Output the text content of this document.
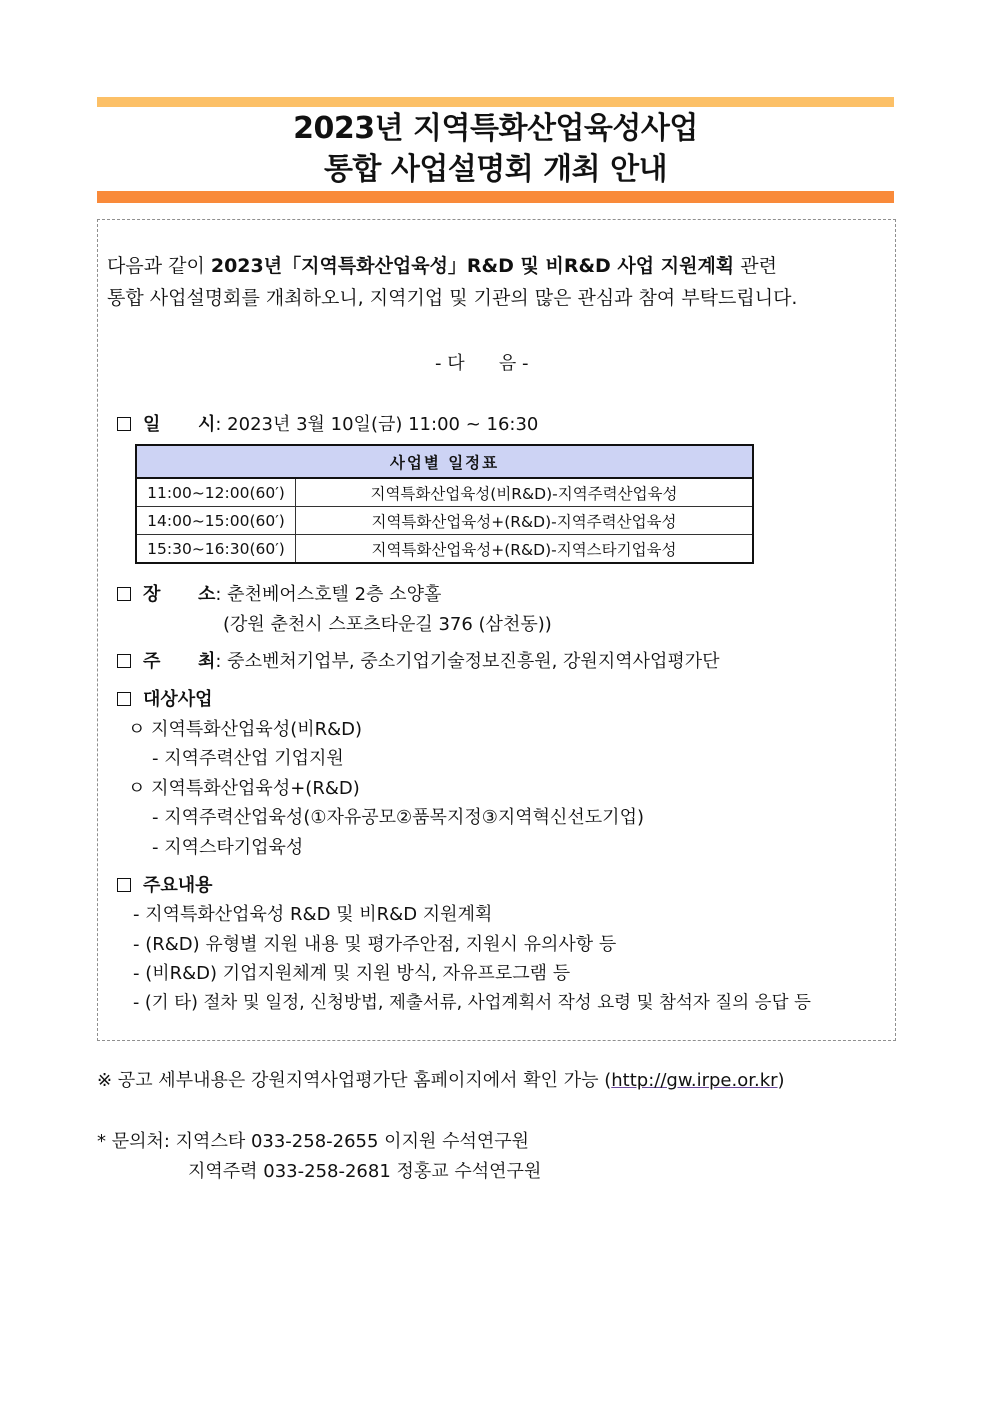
2023년 지역특화산업육성사업
통합 사업설명회 개최 안내
다음과 같이 2023년「지역특화산업육성」R&D 및 비R&D 사업 지원계획 관련
통합 사업설명회를 개최하오니, 지역기업 및 기관의 많은 관심과 참여 부탁드립니다.
- 다      음 -
일      시: 2023년 3월 10일(금) 11:00 ~ 16:30
사업별 일정표	
11:00~12:00(60′)	지역특화산업육성(비R&D)-지역주력산업육성
14:00~15:00(60′)	지역특화산업육성+(R&D)-지역주력산업육성
15:30~16:30(60′)	지역특화산업육성+(R&D)-지역스타기업육성
장      소: 춘천베어스호텔 2층 소양홀
(강원 춘천시 스포츠타운길 376 (삼천동))
주      최: 중소벤처기업부, 중소기업기술정보진흥원, 강원지역사업평가단
대상사업
ㅇ 지역특화산업육성(비R&D)
- 지역주력산업 기업지원
ㅇ 지역특화산업육성+(R&D)
- 지역주력산업육성(①자유공모②품목지정③지역혁신선도기업)
- 지역스타기업육성
주요내용
- 지역특화산업육성 R&D 및 비R&D 지원계획
- (R&D) 유형별 지원 내용 및 평가주안점, 지원시 유의사항 등
- (비R&D) 기업지원체계 및 지원 방식, 자유프로그램 등
- (기 타) 절차 및 일정, 신청방법, 제출서류, 사업계획서 작성 요령 및 참석자 질의 응답 등
※ 공고 세부내용은 강원지역사업평가단 홈페이지에서 확인 가능 (http://gw.irpe.or.kr)
* 문의처: 지역스타 033-258-2655 이지원 수석연구원
지역주력 033-258-2681 정홍교 수석연구원
